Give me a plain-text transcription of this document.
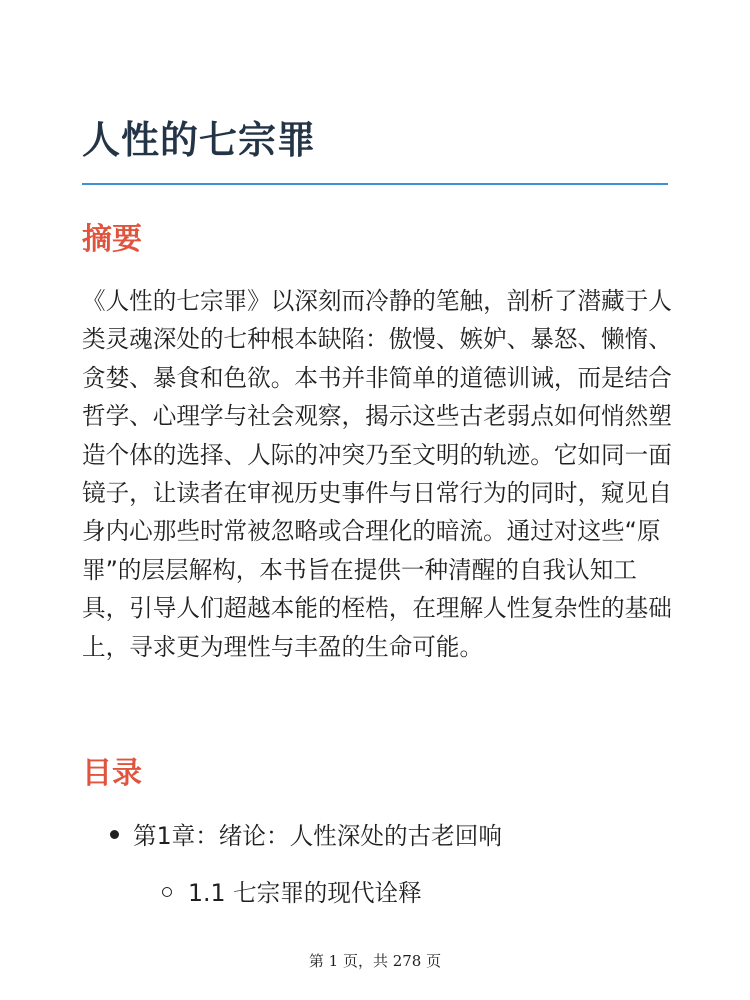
人性的七宗罪
摘要

《人性的七宗罪》以深刻而冷静的笔触，剖析了潜藏于人类灵魂深处的七种根本缺陷：傲慢、嫉妒、暴怒、懒惰、贪婪、暴食和色欲。本书并非简单的道德训诫，而是结合哲学、心理学与社会观察，揭示这些古老弱点如何悄然塑造个体的选择、人际的冲突乃至文明的轨迹。它如同一面镜子，让读者在审视历史事件与日常行为的同时，窥见自身内心那些时常被忽略或合理化的暗流。通过对这些“原罪”的层层解构，本书旨在提供一种清醒的自我认知工具，引导人们超越本能的桎梏，在理解人性复杂性的基础上，寻求更为理性与丰盈的生命可能。

目录
第1章：绪论：人性深处的古老回响
1.1 七宗罪的现代诠释
第 1 页，共 278 页
